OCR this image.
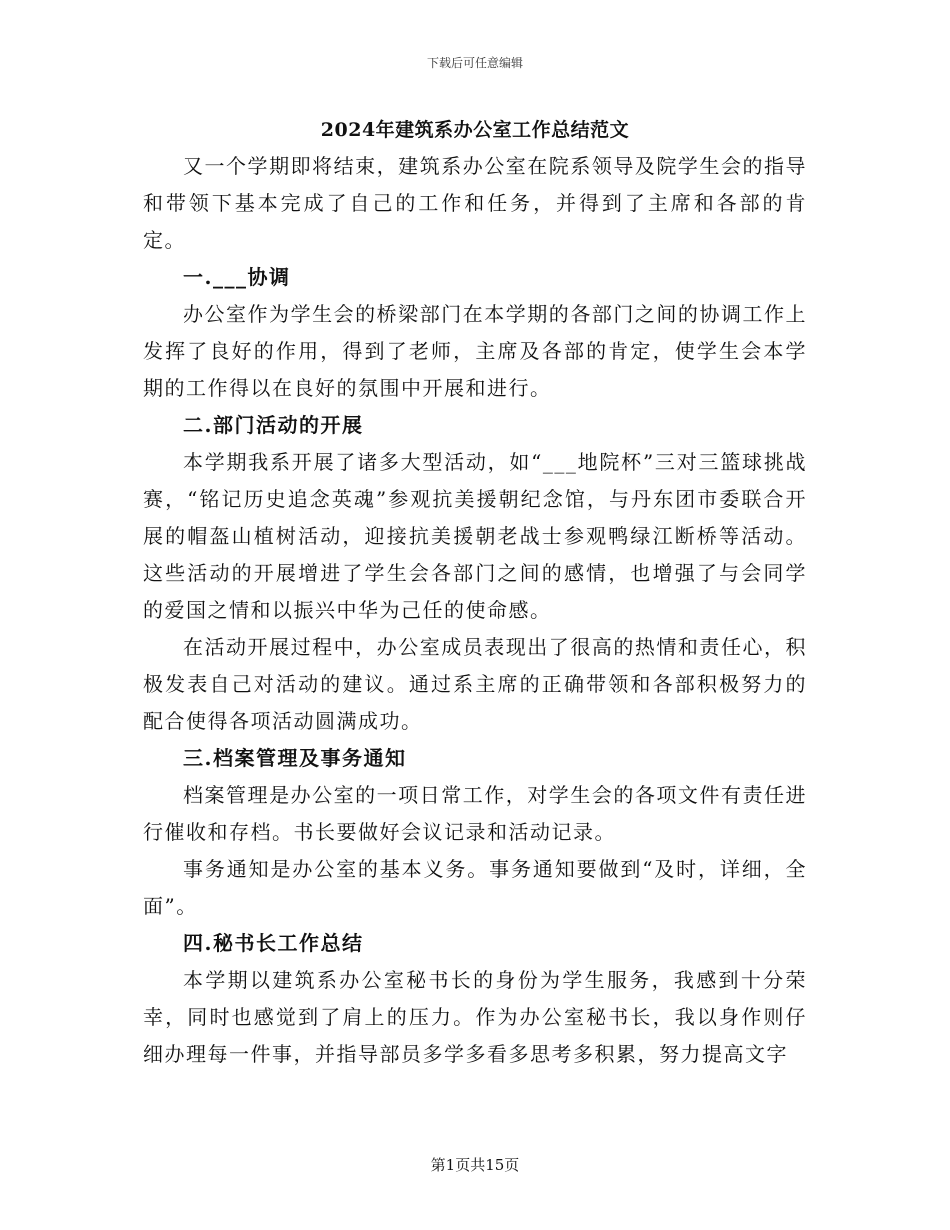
下载后可任意编辑
2024年建筑系办公室工作总结范文

又一个学期即将结束，建筑系办公室在院系领导及院学生会的指导和带领下基本完成了自己的工作和任务，并得到了主席和各部的肯定。

一.___协调

办公室作为学生会的桥梁部门在本学期的各部门之间的协调工作上发挥了良好的作用，得到了老师，主席及各部的肯定，使学生会本学期的工作得以在良好的氛围中开展和进行。

二.部门活动的开展

本学期我系开展了诸多大型活动，如“___地院杯”三对三篮球挑战赛，“铭记历史追念英魂”参观抗美援朝纪念馆，与丹东团市委联合开展的帽盔山植树活动，迎接抗美援朝老战士参观鸭绿江断桥等活动。这些活动的开展增进了学生会各部门之间的感情，也增强了与会同学的爱国之情和以振兴中华为己任的使命感。

在活动开展过程中，办公室成员表现出了很高的热情和责任心，积极发表自己对活动的建议。通过系主席的正确带领和各部积极努力的配合使得各项活动圆满成功。

三.档案管理及事务通知

档案管理是办公室的一项日常工作，对学生会的各项文件有责任进行催收和存档。书长要做好会议记录和活动记录。

事务通知是办公室的基本义务。事务通知要做到“及时，详细，全面”。

四.秘书长工作总结

本学期以建筑系办公室秘书长的身份为学生服务，我感到十分荣幸，同时也感觉到了肩上的压力。作为办公室秘书长，我以身作则仔细办理每一件事，并指导部员多学多看多思考多积累，努力提高文字

第1页共15页
